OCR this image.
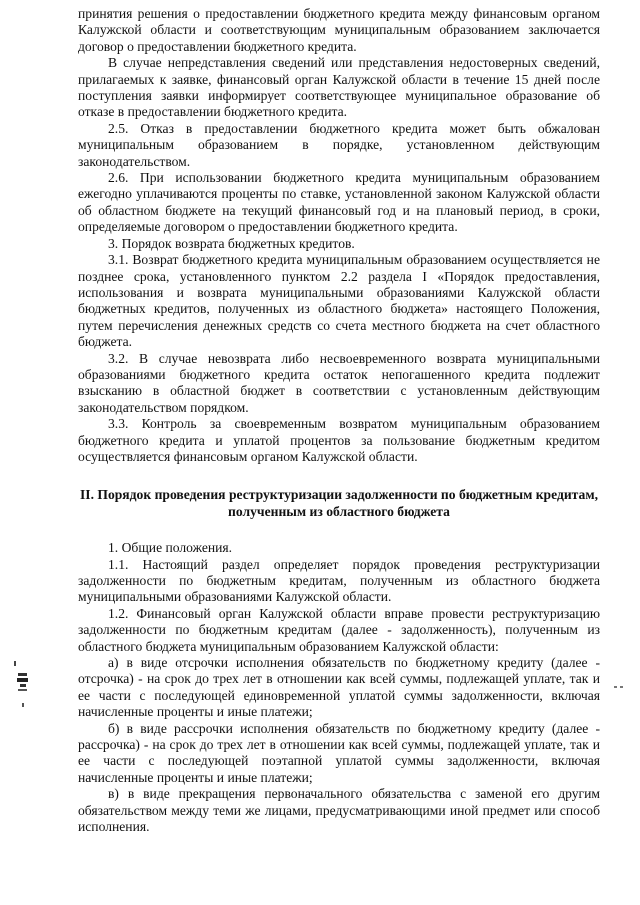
принятия решения о предоставлении бюджетного кредита между финансовым органом Калужской области и соответствующим муниципальным образованием заключается договор о предоставлении бюджетного кредита.

В случае непредставления сведений или представления недостоверных сведений, прилагаемых к заявке, финансовый орган Калужской области в течение 15 дней после поступления заявки информирует соответствующее муниципальное образование об отказе в предоставлении бюджетного кредита.

2.5. Отказ в предоставлении бюджетного кредита может быть обжалован муниципальным образованием в порядке, установленном действующим законодательством.

2.6. При использовании бюджетного кредита муниципальным образованием ежегодно уплачиваются проценты по ставке, установленной законом Калужской области об областном бюджете на текущий финансовый год и на плановый период, в сроки, определяемые договором о предоставлении бюджетного кредита.

3. Порядок возврата бюджетных кредитов.

3.1. Возврат бюджетного кредита муниципальным образованием осуществляется не позднее срока, установленного пунктом 2.2 раздела I «Порядок предоставления, использования и возврата муниципальными образованиями Калужской области бюджетных кредитов, полученных из областного бюджета» настоящего Положения, путем перечисления денежных средств со счета местного бюджета на счет областного бюджета.

3.2. В случае невозврата либо несвоевременного возврата муниципальными образованиями бюджетного кредита остаток непогашенного кредита подлежит взысканию в областной бюджет в соответствии с установленным действующим законодательством порядком.

3.3. Контроль за своевременным возвратом муниципальным образованием бюджетного кредита и уплатой процентов за пользование бюджетным кредитом осуществляется финансовым органом Калужской области.

II. Порядок проведения реструктуризации задолженности по бюджетным кредитам, полученным из областного бюджета

1. Общие положения.

1.1. Настоящий раздел определяет порядок проведения реструктуризации задолженности по бюджетным кредитам, полученным из областного бюджета муниципальными образованиями Калужской области.

1.2. Финансовый орган Калужской области вправе провести реструктуризацию задолженности по бюджетным кредитам (далее - задолженность), полученным из областного бюджета муниципальным образованием Калужской области:

а) в виде отсрочки исполнения обязательств по бюджетному кредиту (далее - отсрочка) - на срок до трех лет в отношении как всей суммы, подлежащей уплате, так и ее части с последующей единовременной уплатой суммы задолженности, включая начисленные проценты и иные платежи;

б) в виде рассрочки исполнения обязательств по бюджетному кредиту (далее - рассрочка) - на срок до трех лет в отношении как всей суммы, подлежащей уплате, так и ее части с последующей поэтапной уплатой суммы задолженности, включая начисленные проценты и иные платежи;

в) в виде прекращения первоначального обязательства с заменой его другим обязательством между теми же лицами, предусматривающими иной предмет или способ исполнения.
